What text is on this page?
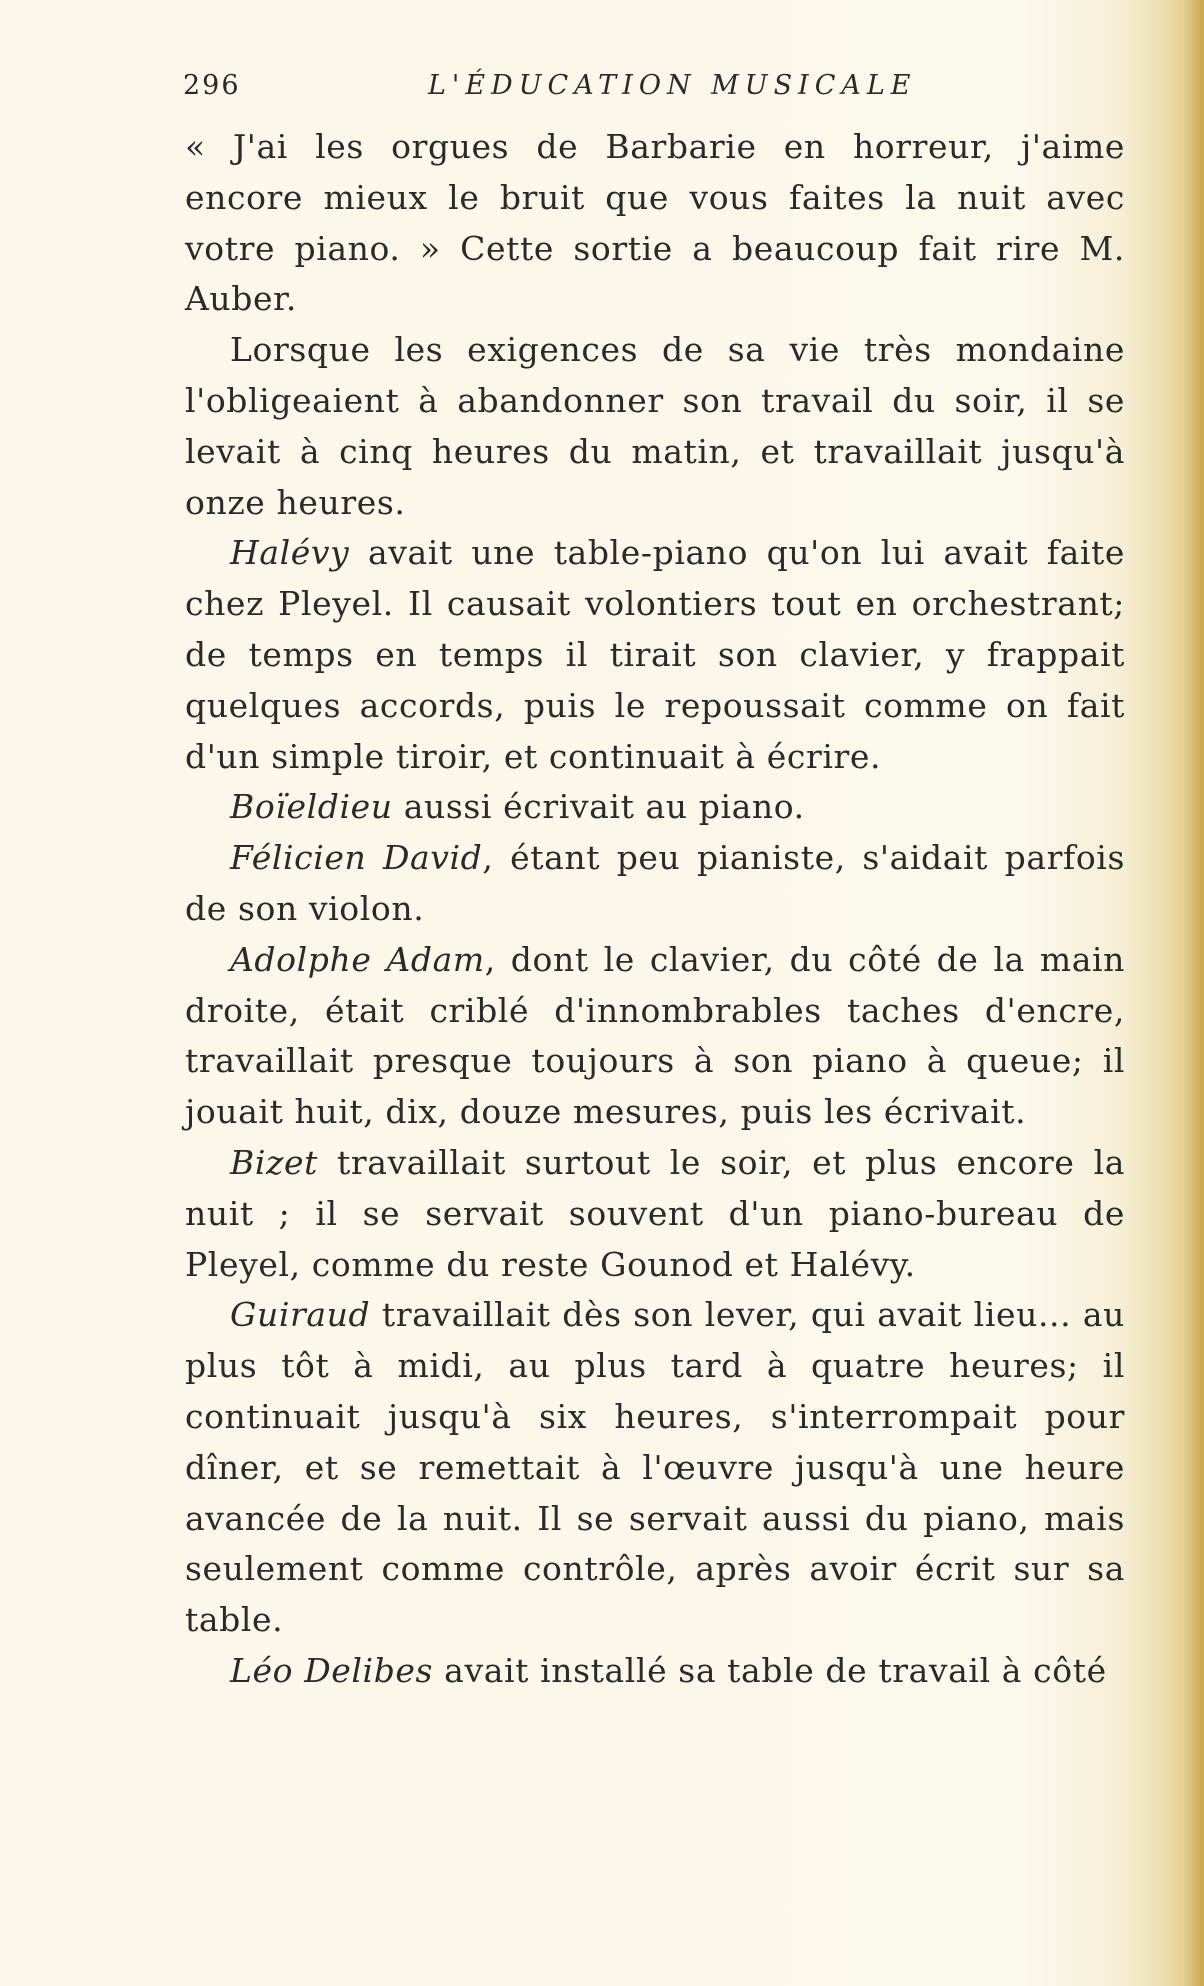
296	L'ÉDUCATION MUSICALE

« J'ai les orgues de Barbarie en horreur, j'aime encore mieux le bruit que vous faites la nuit avec votre piano. » Cette sortie a beaucoup fait rire M. Auber.

Lorsque les exigences de sa vie très mondaine l'obligeaient à abandonner son travail du soir, il se levait à cinq heures du matin, et travaillait jusqu'à onze heures.

Halévy avait une table-piano qu'on lui avait faite chez Pleyel. Il causait volontiers tout en orchestrant; de temps en temps il tirait son clavier, y frappait quelques accords, puis le repoussait comme on fait d'un simple tiroir, et continuait à écrire.

Boïeldieu aussi écrivait au piano.

Félicien David, étant peu pianiste, s'aidait parfois de son violon.

Adolphe Adam, dont le clavier, du côté de la main droite, était criblé d'innombrables taches d'encre, travaillait presque toujours à son piano à queue; il jouait huit, dix, douze mesures, puis les écrivait.

Bizet travaillait surtout le soir, et plus encore la nuit ; il se servait souvent d'un piano-bureau de Pleyel, comme du reste Gounod et Halévy.

Guiraud travaillait dès son lever, qui avait lieu... au plus tôt à midi, au plus tard à quatre heures; il continuait jusqu'à six heures, s'interrompait pour dîner, et se remettait à l'œuvre jusqu'à une heure avancée de la nuit. Il se servait aussi du piano, mais seulement comme contrôle, après avoir écrit sur sa table.

Léo Delibes avait installé sa table de travail à côté
